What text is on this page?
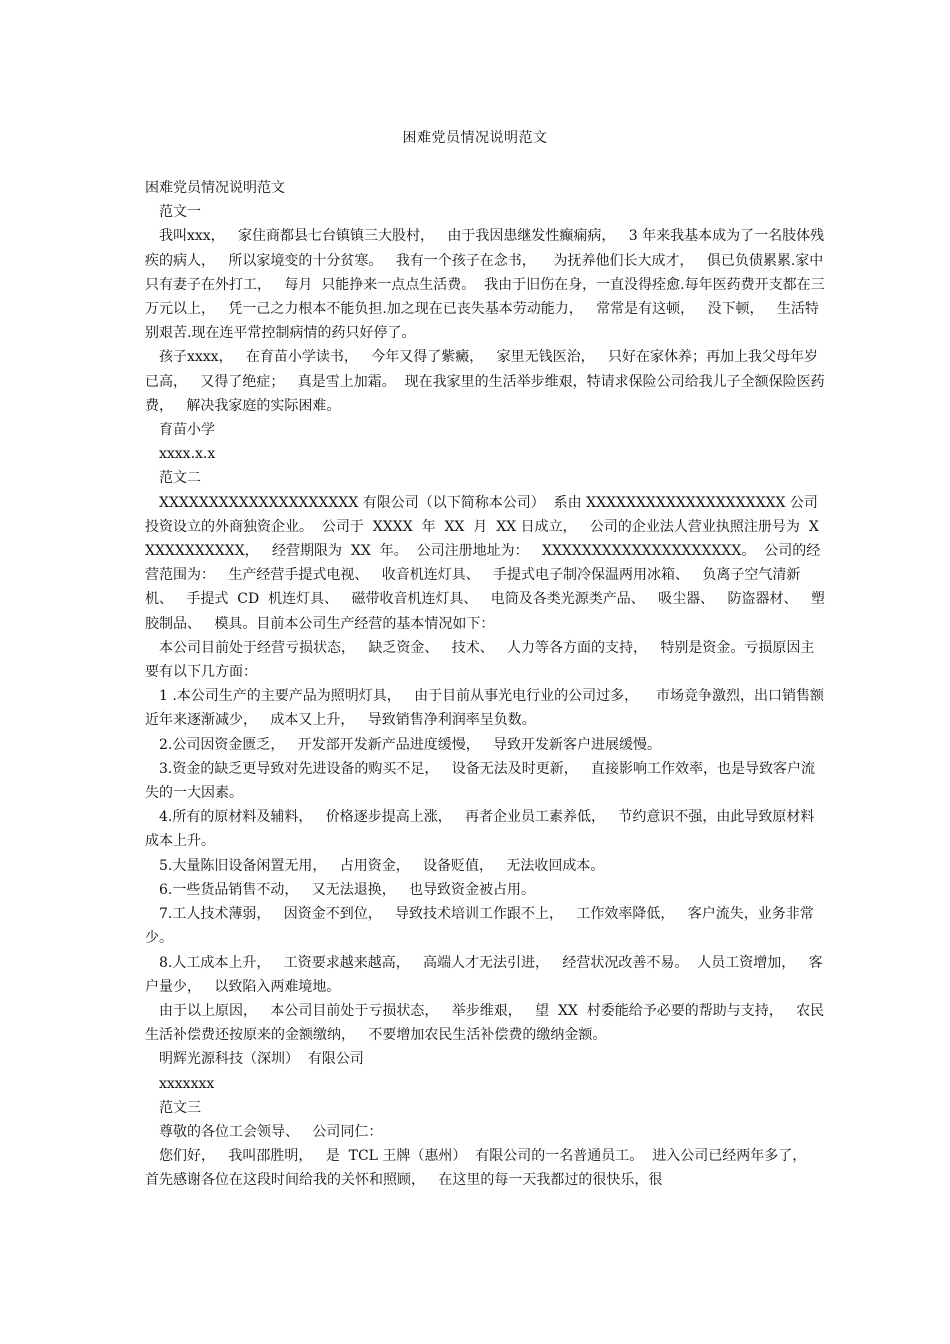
困难党员情况说明范文

困难党员情况说明范文

范文一

我叫xxx，   家住商都县七台镇镇三大股村，   由于我因患继发性癫痫病，   3 年来我基本成为了一名肢体残疾的病人，   所以家境变的十分贫寒。   我有一个孩子在念书，    为抚养他们长大成才，   俱已负债累累.家中只有妻子在外打工，   每月  只能挣来一点点生活费。  我由于旧伤在身，一直没得痊愈.每年医药费开支都在三万元以上，   凭一己之力根本不能负担.加之现在已丧失基本劳动能力，   常常是有这顿，   没下顿，   生活特别艰苦.现在连平常控制病情的药只好停了。

孩子xxxx，   在育苗小学读书，   今年又得了紫癜，   家里无钱医治，   只好在家休养；再加上我父母年岁已高，   又得了绝症；   真是雪上加霜。  现在我家里的生活举步维艰，特请求保险公司给我儿子全额保险医药费，   解决我家庭的实际困难。

育苗小学

xxxx.x.x

范文二

XXXXXXXXXXXXXXXXXXXX 有限公司（以下简称本公司）  系由 XXXXXXXXXXXXXXXXXXXX 公司投资设立的外商独资企业。  公司于  XXXX  年  XX  月  XX 日成立，   公司的企业法人营业执照注册号为  XXXXXXXXXXX，   经营期限为  XX  年。  公司注册地址为：   XXXXXXXXXXXXXXXXXXXX。  公司的经营范围为：   生产经营手提式电视、   收音机连灯具、   手提式电子制冷保温两用冰箱、   负离子空气清新机、   手提式  CD  机连灯具、   磁带收音机连灯具、   电筒及各类光源类产品、   吸尘器、   防盗器材、   塑胶制品、   模具。目前本公司生产经营的基本情况如下：

本公司目前处于经营亏损状态，   缺乏资金、   技术、   人力等各方面的支持，   特别是资金。亏损原因主要有以下几方面：

1 .本公司生产的主要产品为照明灯具，   由于目前从事光电行业的公司过多，    市场竞争激烈，出口销售额近年来逐渐减少，   成本又上升，   导致销售净利润率呈负数。

2.公司因资金匮乏，   开发部开发新产品进度缓慢，   导致开发新客户进展缓慢。

3.资金的缺乏更导致对先进设备的购买不足，   设备无法及时更新，   直接影响工作效率，也是导致客户流失的一大因素。

4.所有的原材料及辅料，   价格逐步提高上涨，   再者企业员工素养低，   节约意识不强，由此导致原材料成本上升。

5.大量陈旧设备闲置无用，   占用资金，   设备贬值，   无法收回成本。

6.一些货品销售不动，   又无法退换，   也导致资金被占用。

7.工人技术薄弱，   因资金不到位，   导致技术培训工作跟不上，   工作效率降低，   客户流失，业务非常少。

8.人工成本上升，   工资要求越来越高，   高端人才无法引进，   经营状况改善不易。  人员工资增加，   客户量少，   以致陷入两难境地。

由于以上原因，   本公司目前处于亏损状态，   举步维艰，   望  XX  村委能给予必要的帮助与支持，   农民生活补偿费还按原来的金额缴纳，   不要增加农民生活补偿费的缴纳金额。

明辉光源科技（深圳）  有限公司

xxxxxxx

范文三

尊敬的各位工会领导、   公司同仁：

您们好，   我叫邵胜明，   是  TCL 王牌（惠州）  有限公司的一名普通员工。  进入公司已经两年多了，   首先感谢各位在这段时间给我的关怀和照顾，   在这里的每一天我都过的很快乐，很
